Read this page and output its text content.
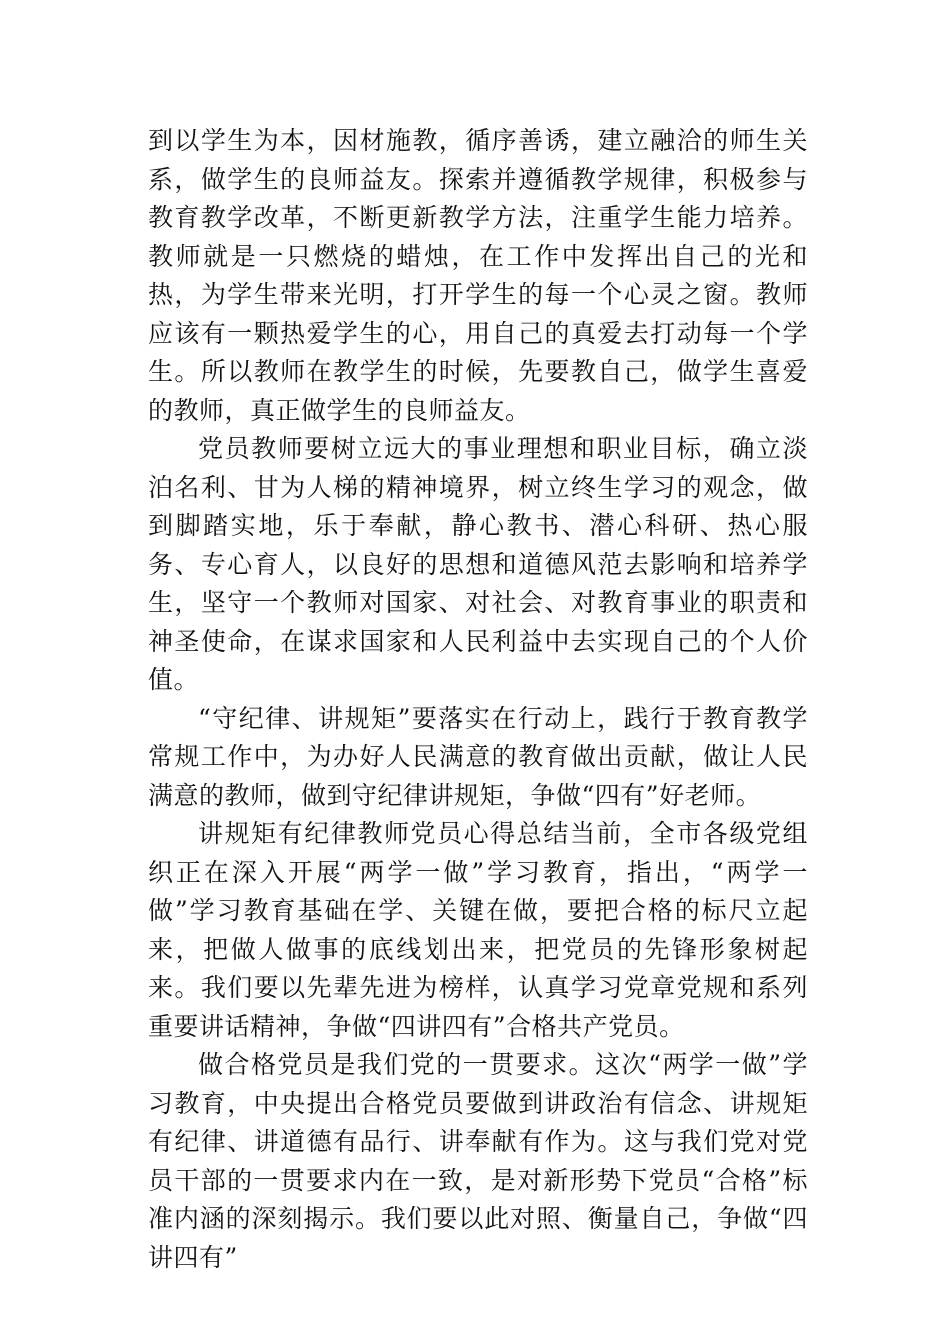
到以学生为本，因材施教，循序善诱，建立融洽的师生关系，做学生的良师益友。探索并遵循教学规律，积极参与教育教学改革，不断更新教学方法，注重学生能力培养。教师就是一只燃烧的蜡烛，在工作中发挥出自己的光和热，为学生带来光明，打开学生的每一个心灵之窗。教师应该有一颗热爱学生的心，用自己的真爱去打动每一个学生。所以教师在教学生的时候，先要教自己，做学生喜爱的教师，真正做学生的良师益友。

党员教师要树立远大的事业理想和职业目标，确立淡泊名利、甘为人梯的精神境界，树立终生学习的观念，做到脚踏实地，乐于奉献，静心教书、潜心科研、热心服务、专心育人，以良好的思想和道德风范去影响和培养学生，坚守一个教师对国家、对社会、对教育事业的职责和神圣使命，在谋求国家和人民利益中去实现自己的个人价值。

“守纪律、讲规矩”要落实在行动上，践行于教育教学常规工作中，为办好人民满意的教育做出贡献，做让人民满意的教师，做到守纪律讲规矩，争做“四有”好老师。

讲规矩有纪律教师党员心得总结当前，全市各级党组织正在深入开展“两学一做”学习教育，指出，“两学一做”学习教育基础在学、关键在做，要把合格的标尺立起来，把做人做事的底线划出来，把党员的先锋形象树起来。我们要以先辈先进为榜样，认真学习党章党规和系列重要讲话精神，争做“四讲四有”合格共产党员。

做合格党员是我们党的一贯要求。这次“两学一做”学习教育，中央提出合格党员要做到讲政治有信念、讲规矩有纪律、讲道德有品行、讲奉献有作为。这与我们党对党员干部的一贯要求内在一致，是对新形势下党员“合格”标准内涵的深刻揭示。我们要以此对照、衡量自己，争做“四讲四有”
